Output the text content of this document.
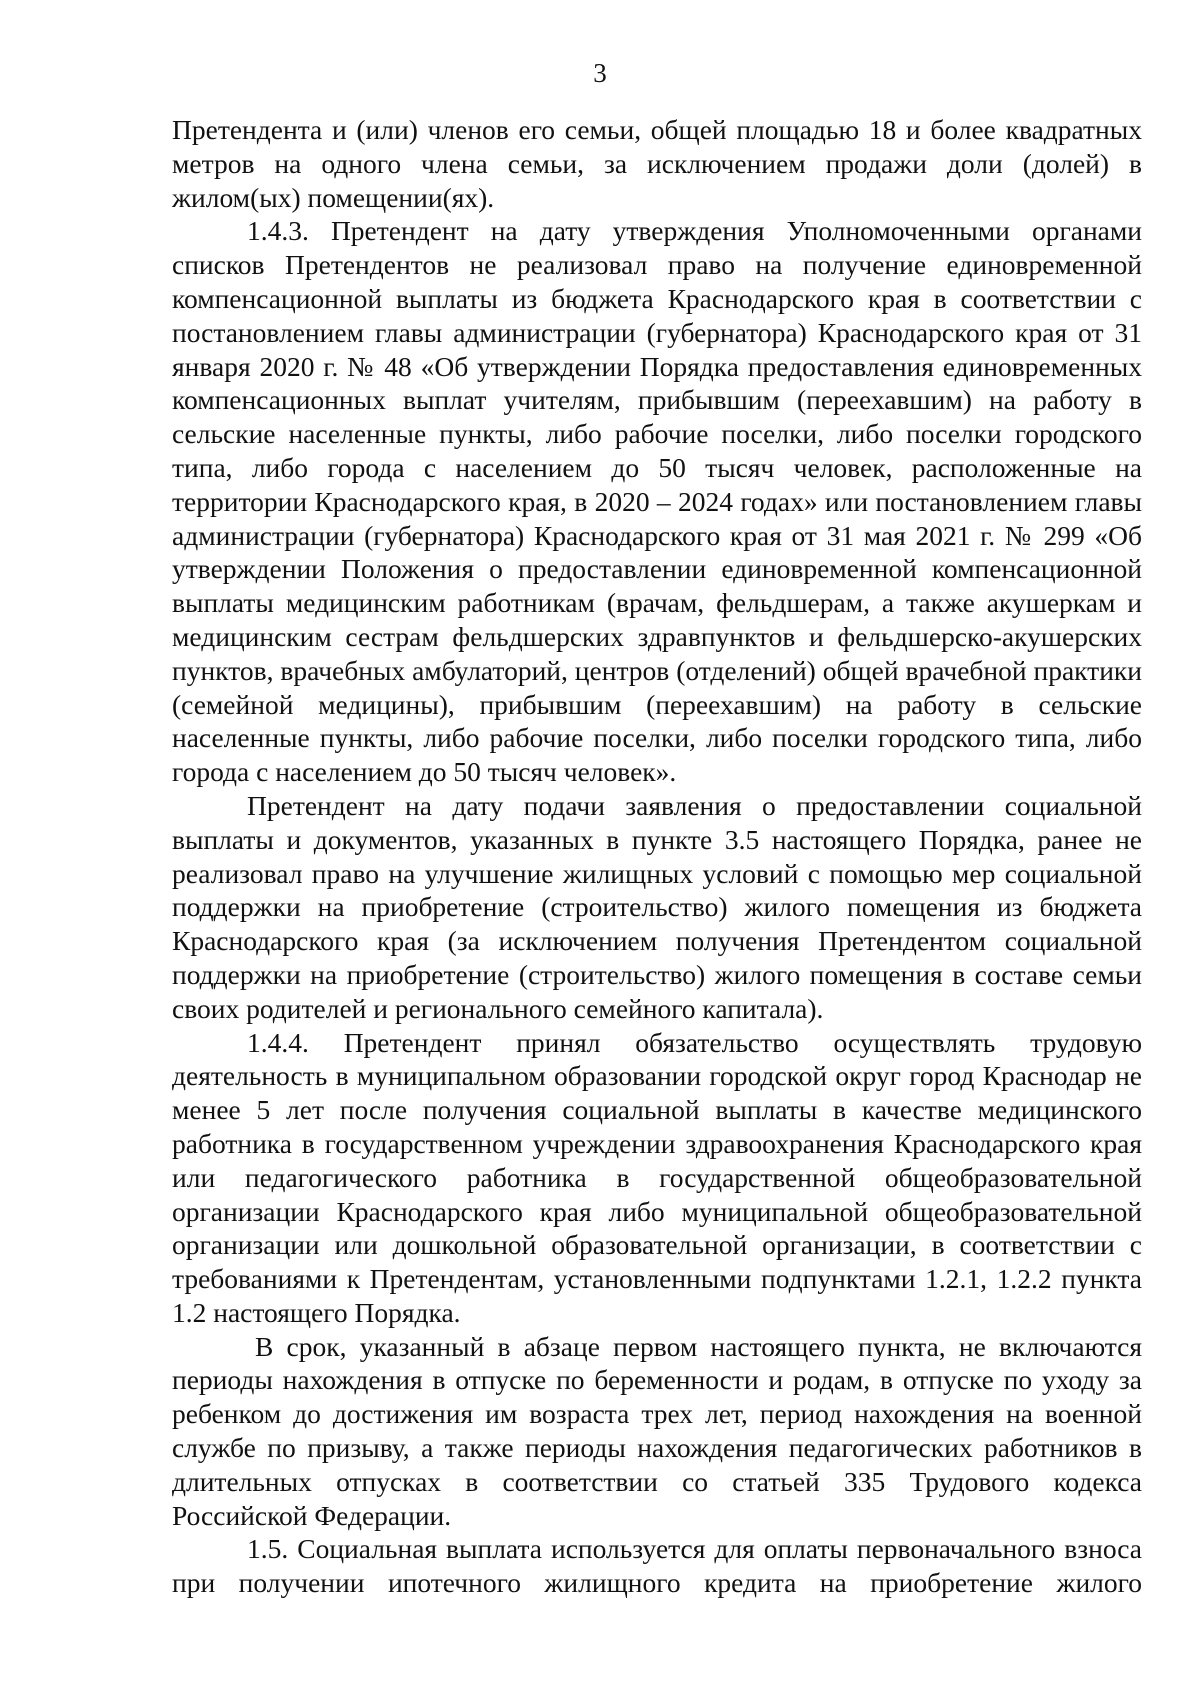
3

Претендента и (или) членов его семьи, общей площадью 18 и более квадратных метров на одного члена семьи, за исключением продажи доли (долей) в жилом(ых) помещении(ях).

1.4.3. Претендент на дату утверждения Уполномоченными органами списков Претендентов не реализовал право на получение единовременной компенсационной выплаты из бюджета Краснодарского края в соответствии с постановлением главы администрации (губернатора) Краснодарского края от 31 января 2020 г. № 48 «Об утверждении Порядка предоставления единовременных компенсационных выплат учителям, прибывшим (переехавшим) на работу в сельские населенные пункты, либо рабочие поселки, либо поселки городского типа, либо города с населением до 50 тысяч человек, расположенные на территории Краснодарского края, в 2020 – 2024 годах» или постановлением главы администрации (губернатора) Краснодарского края от 31 мая 2021 г. № 299 «Об утверждении Положения о предоставлении единовременной компенсационной выплаты медицинским работникам (врачам, фельдшерам, а также акушеркам и медицинским сестрам фельдшерских здравпунктов и фельдшерско-акушерских пунктов, врачебных амбулаторий, центров (отделений) общей врачебной практики (семейной медицины), прибывшим (переехавшим) на работу в сельские населенные пункты, либо рабочие поселки, либо поселки городского типа, либо города с населением до 50 тысяч человек».

Претендент на дату подачи заявления о предоставлении социальной выплаты и документов, указанных в пункте 3.5 настоящего Порядка, ранее не реализовал право на улучшение жилищных условий с помощью мер социальной поддержки на приобретение (строительство) жилого помещения из бюджета Краснодарского края (за исключением получения Претендентом социальной поддержки на приобретение (строительство) жилого помещения в составе семьи своих родителей и регионального семейного капитала).

1.4.4. Претендент принял обязательство осуществлять трудовую деятельность в муниципальном образовании городской округ город Краснодар не менее 5 лет после получения социальной выплаты в качестве медицинского работника в государственном учреждении здравоохранения Краснодарского края или педагогического работника в государственной общеобразовательной организации Краснодарского края либо муниципальной общеобразовательной организации или дошкольной образовательной организации, в соответствии с требованиями к Претендентам, установленными подпунктами 1.2.1, 1.2.2 пункта 1.2 настоящего Порядка.

В срок, указанный в абзаце первом настоящего пункта, не включаются периоды нахождения в отпуске по беременности и родам, в отпуске по уходу за ребенком до достижения им возраста трех лет, период нахождения на военной службе по призыву, а также периоды нахождения педагогических работников в длительных отпусках в соответствии со статьей 335 Трудового кодекса Российской Федерации.

1.5. Социальная выплата используется для оплаты первоначального взноса при получении ипотечного жилищного кредита на приобретение жилого
